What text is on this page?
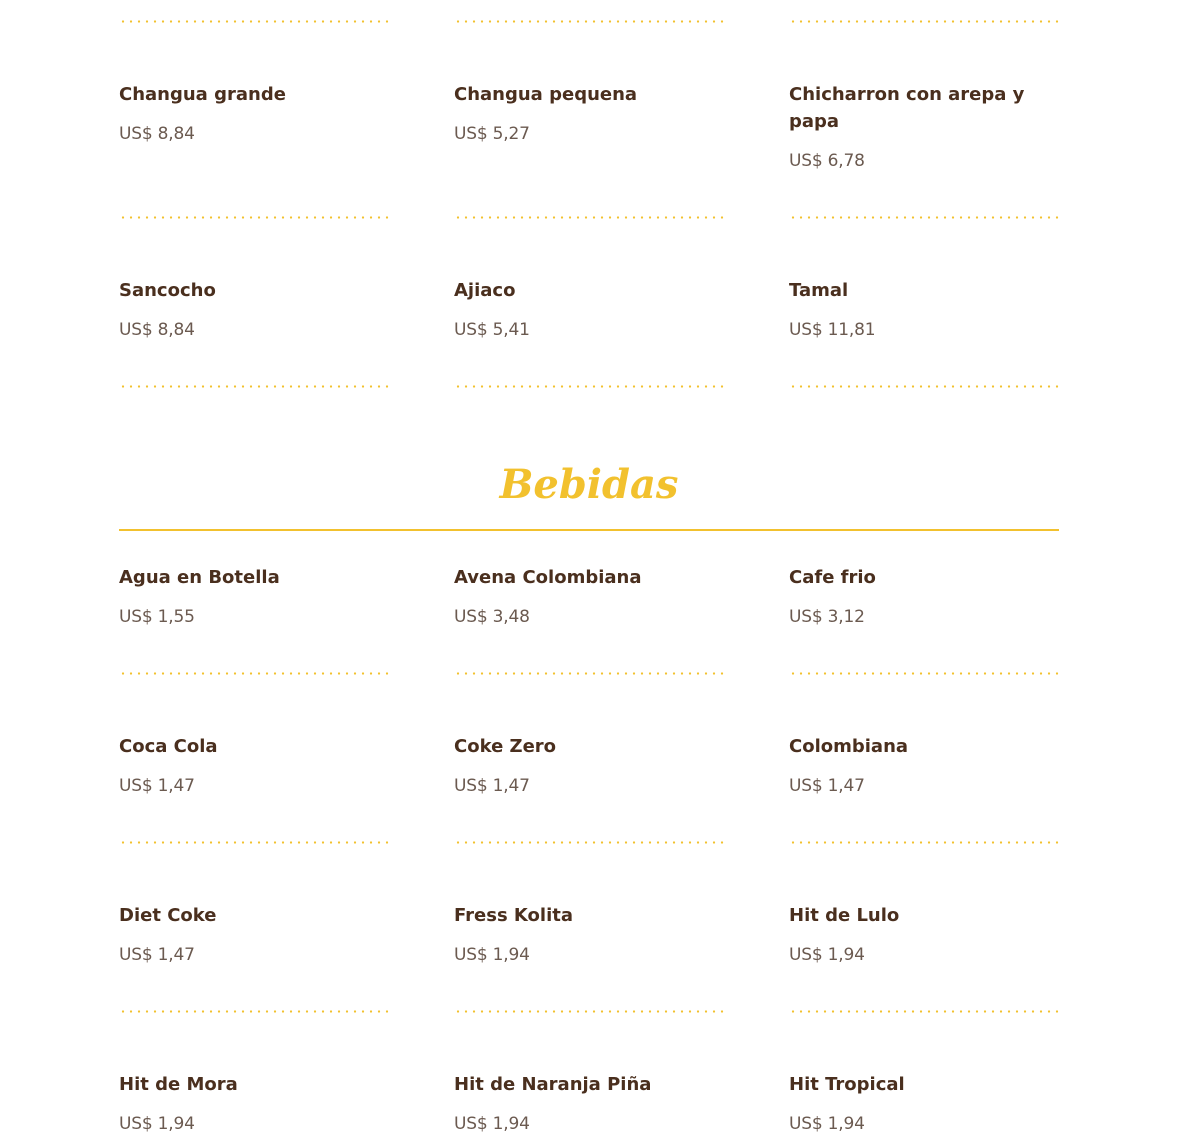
Changua grande

US$ 8,84

Changua pequena

US$ 5,27

Chicharron con arepa y papa

US$ 6,78

Sancocho

US$ 8,84

Ajiaco

US$ 5,41

Tamal

US$ 11,81

Bebidas
Agua en Botella

US$ 1,55

Avena Colombiana

US$ 3,48

Cafe frio

US$ 3,12

Coca Cola

US$ 1,47

Coke Zero

US$ 1,47

Colombiana

US$ 1,47

Diet Coke

US$ 1,47

Fress Kolita

US$ 1,94

Hit de Lulo

US$ 1,94

Hit de Mora

US$ 1,94

Hit de Naranja Piña

US$ 1,94

Hit Tropical

US$ 1,94
